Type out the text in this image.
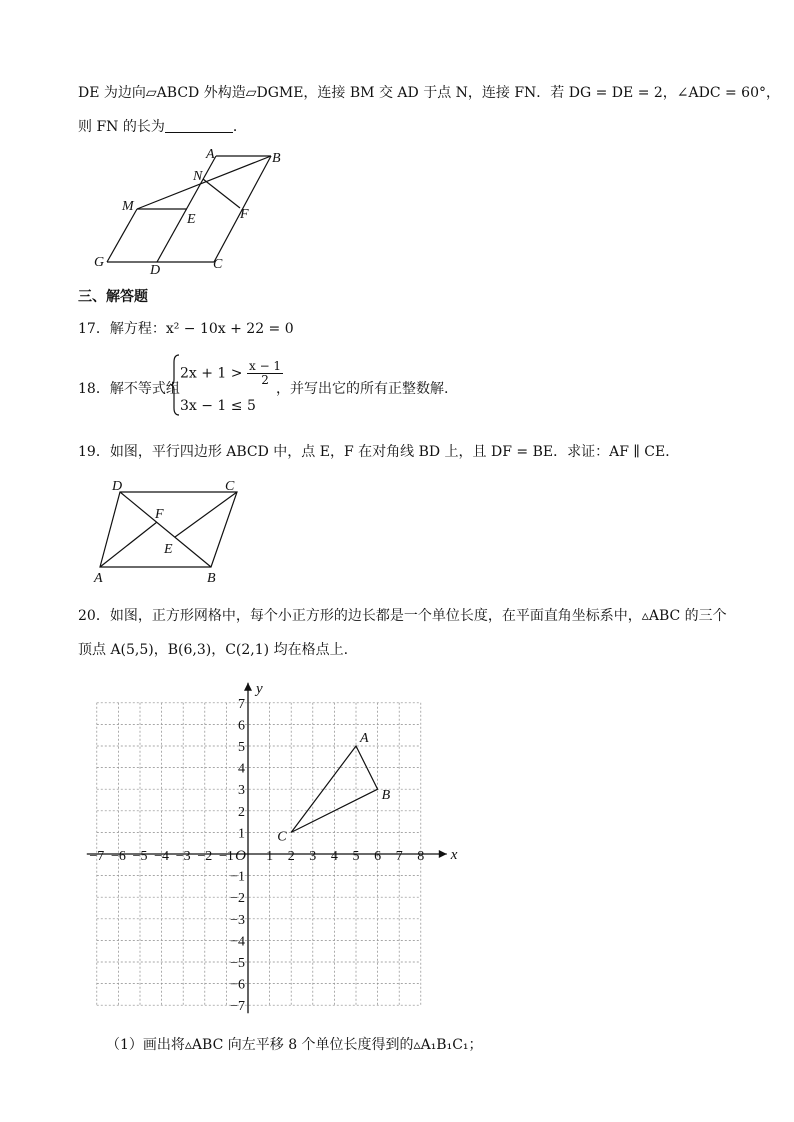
DE 为边向▱ABCD 外构造▱DGME，连接 BM 交 AD 于点 N，连接 FN．若 DG = DE = 2，∠ADC = 60°，
则 FN 的长为	．
A	B
N
M
E	F
G
D	C
三、解答题
17．解方程：x² − 10x + 22 = 0
18．解不等式组
$2x + 1 > \frac{x - 1}{2}$
3x − 1 ≤ 5
，并写出它的所有正整数解.
19．如图，平行四边形 ABCD 中，点 E，F 在对角线 BD 上，且 DF = BE．求证：AF ∥ CE．
D	C
F
E
A	B
20．如图，正方形网格中，每个小正方形的边长都是一个单位长度，在平面直角坐标系中，▵ABC 的三个
顶点 A(5,5)，B(6,3)，C(2,1) 均在格点上.
x
y
O
−7 −6 −5 −4 −3 −2 −1 1 2 3 4 5 6 7 8
7
6
5
4
3
2
1
−1
−2
−3
−4
−5
−6
−7
A
B
C
（1）画出将▵ABC 向左平移 8 个单位长度得到的▵A₁B₁C₁；
